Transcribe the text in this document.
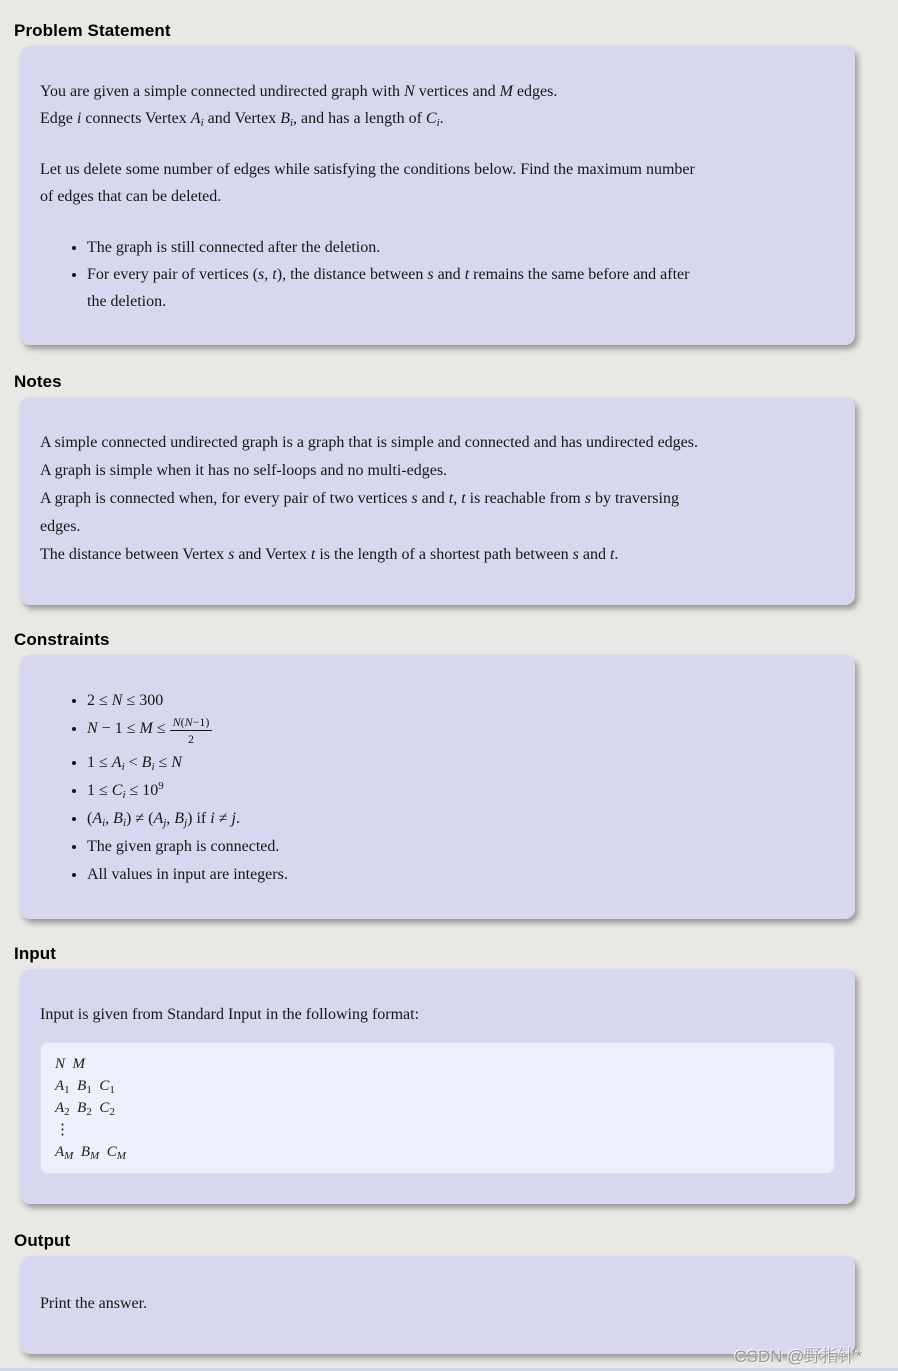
Problem Statement

You are given a simple connected undirected graph with N vertices and M edges.
Edge i connects Vertex $A_i$ and Vertex $B_i$, and has a length of $C_i$.

Let us delete some number of edges while satisfying the conditions below. Find the maximum number
of edges that can be deleted.

• The graph is still connected after the deletion.
• For every pair of vertices (s, t), the distance between s and t remains the same before and after
the deletion.
Notes

A simple connected undirected graph is a graph that is simple and connected and has undirected edges.
A graph is simple when it has no self-loops and no multi-edges.
A graph is connected when, for every pair of two vertices s and t, t is reachable from s by traversing
edges.
The distance between Vertex s and Vertex t is the length of a shortest path between s and t.

Constraints
• 2 ≤ N ≤ 300
• $N - 1 \le M \le \frac{N(N-1)}{2}$
• $1 \le A_i < B_i \le N$
• $1 \le C_i \le 10^9$
• ($A_i$, $B_i) \ne (A_j$, $B_j$) if i ≠ j.
• The given graph is connected.
• All values in input are integers.
Input

Input is given from Standard Input in the following format:

N  M
$A_1$  $B_1$  $C_1$
$A_2$  $B_2$  $C_2$
⋮
$A_M$  $B_M$  $C_M$
Output

Print the answer.

CSDN @野指针*
